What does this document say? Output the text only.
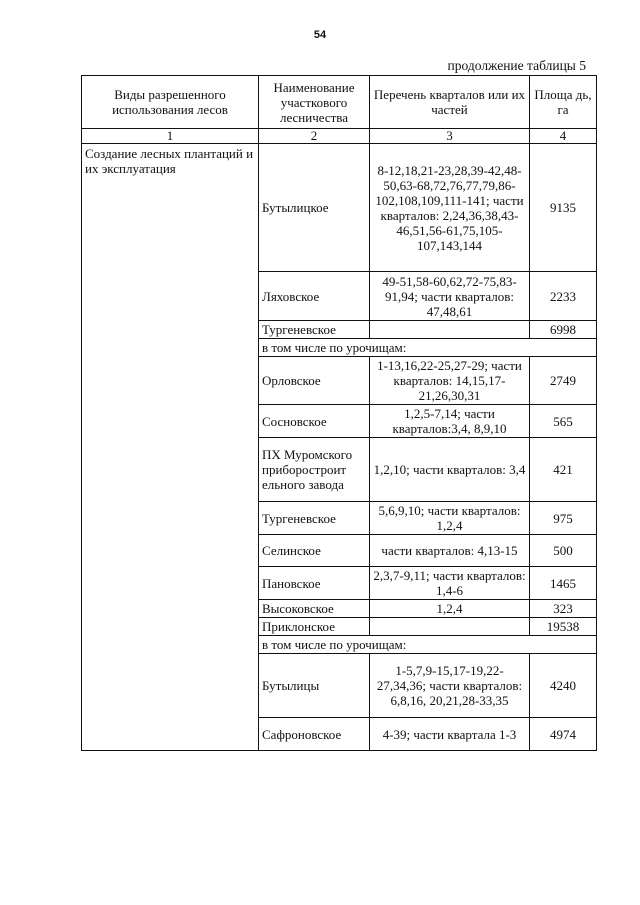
54
продолжение таблицы 5
Виды разрешенного использования лесов	Наименование участкового лесничества	Перечень кварталов или их частей	Площа дь, га
1	2	3	4
Создание лесных плантаций и их эксплуатация	Бутылицкое	8-12,18,21-23,28,39-42,48-50,63-68,72,76,77,79,86-102,108,109,111-141; части кварталов: 2,24,36,38,43-46,51,56-61,75,105-107,143,144	9135
	Ляховское	49-51,58-60,62,72-75,83-91,94; части кварталов: 47,48,61	2233
	Тургеневское		6998
	в том числе по урочищам:		
	Орловское	1-13,16,22-25,27-29; части кварталов: 14,15,17-21,26,30,31	2749
	Сосновское	1,2,5-7,14; части кварталов:3,4, 8,9,10	565
	ПХ Муромского приборостроит ельного завода	1,2,10; части кварталов: 3,4	421
	Тургеневское	5,6,9,10; части кварталов: 1,2,4	975
	Селинское	части кварталов: 4,13-15	500
	Пановское	2,3,7-9,11; части кварталов: 1,4-6	1465
	Высоковское	1,2,4	323
	Приклонское		19538
	в том числе по урочищам:		
	Бутылицы	1-5,7,9-15,17-19,22-27,34,36; части кварталов: 6,8,16, 20,21,28-33,35	4240
	Сафроновское	4-39; части квартала 1-3	4974
